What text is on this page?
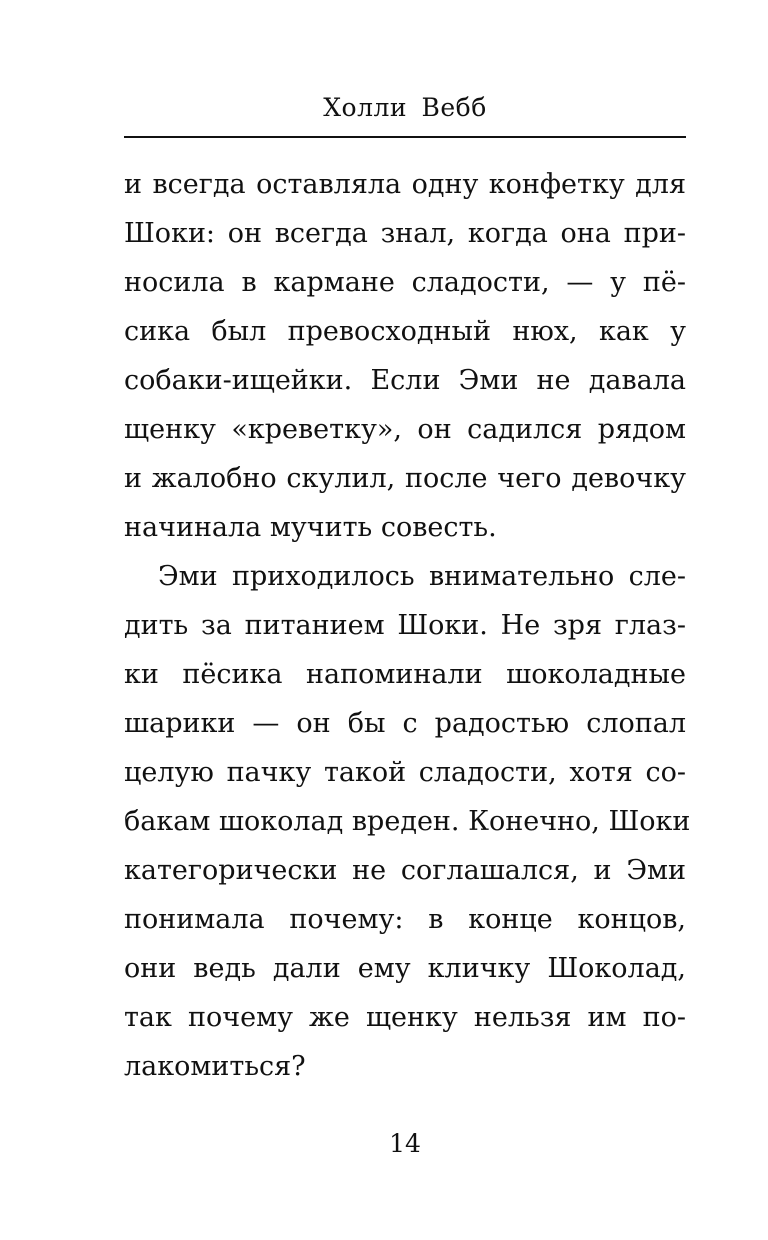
Холли Вебб
и всегда оставляла одну конфетку для
Шоки: он всегда знал, когда она при-
носила в кармане сладости, — у пё-
сика был превосходный нюх, как у
собаки-ищейки. Если Эми не давала
щенку «креветку», он садился рядом
и жалобно скулил, после чего девочку
начинала мучить совесть.
Эми приходилось внимательно сле-
дить за питанием Шоки. Не зря глаз-
ки пёсика напоминали шоколадные
шарики — он бы с радостью слопал
целую пачку такой сладости, хотя со-
бакам шоколад вреден. Конечно, Шоки
категорически не соглашался, и Эми
понимала почему: в конце концов,
они ведь дали ему кличку Шоколад,
так почему же щенку нельзя им по-
лакомиться?
14
